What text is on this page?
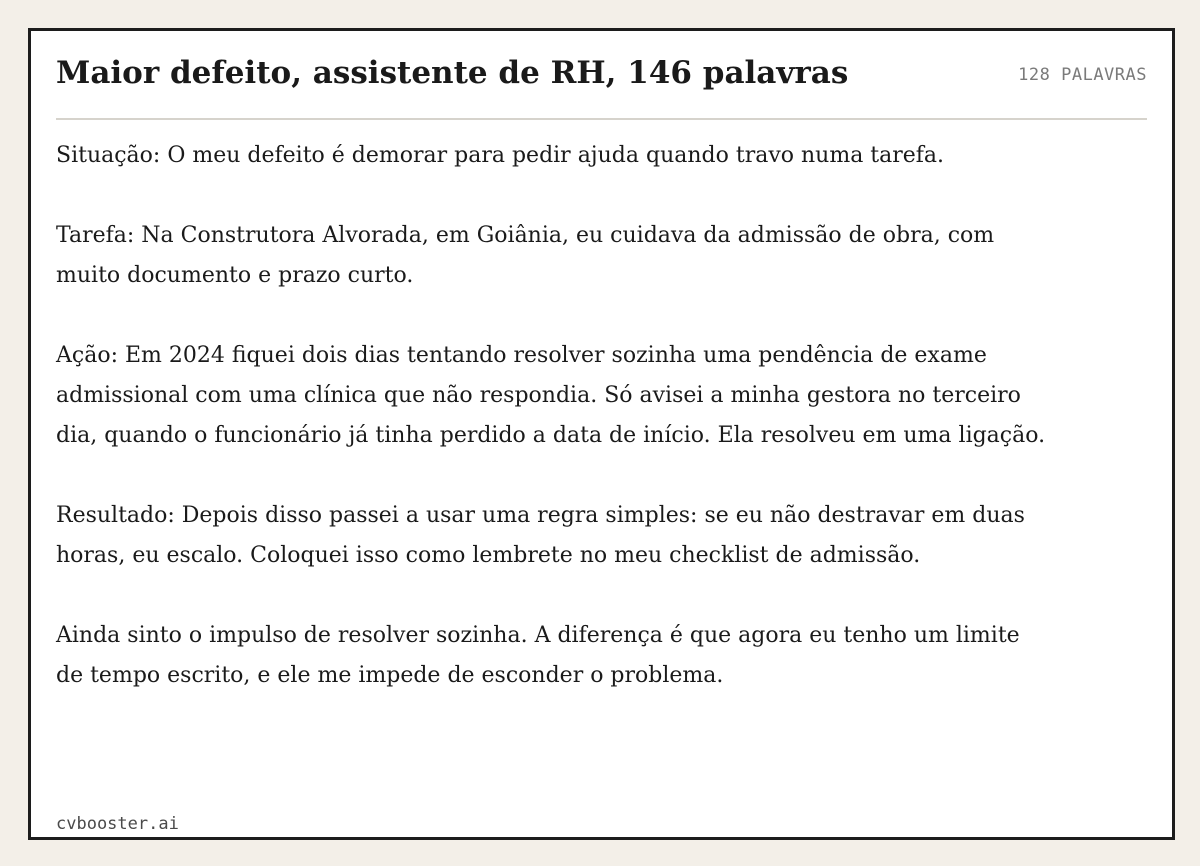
Maior defeito, assistente de RH, 146 palavras	128 PALAVRAS

Situação: O meu defeito é demorar para pedir ajuda quando travo numa tarefa.

Tarefa: Na Construtora Alvorada, em Goiânia, eu cuidava da admissão de obra, com muito documento e prazo curto.

Ação: Em 2024 fiquei dois dias tentando resolver sozinha uma pendência de exame admissional com uma clínica que não respondia. Só avisei a minha gestora no terceiro dia, quando o funcionário já tinha perdido a data de início. Ela resolveu em uma ligação.

Resultado: Depois disso passei a usar uma regra simples: se eu não destravar em duas horas, eu escalo. Coloquei isso como lembrete no meu checklist de admissão.

Ainda sinto o impulso de resolver sozinha. A diferença é que agora eu tenho um limite de tempo escrito, e ele me impede de esconder o problema.

cvbooster.ai
